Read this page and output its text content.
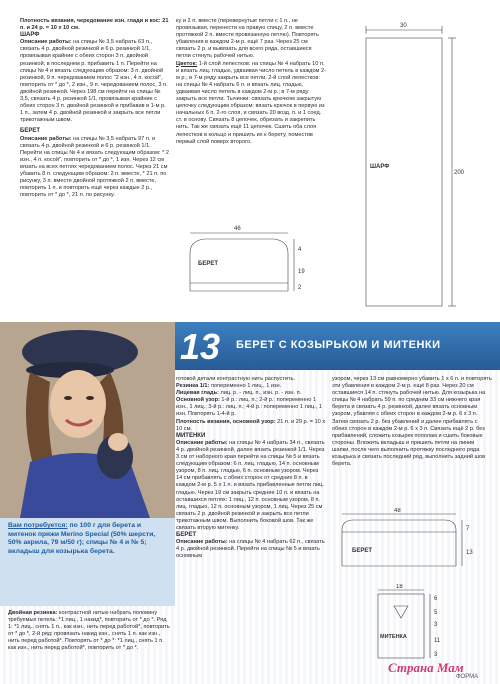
Плотность вязания, чередование изн. глади и кос: 21 п. и 24 р. = 10 х 10 см.

ШАРФ

Описание работы: на спицы № 3,5 набрать 63 п., связать 4 р. двойной резинкой и 6 р. резинкой 1/1, провязывая крайние с обеих сторон 3 п. двойной резинкой; в последнем р. прибавить 1 п. Перейти на спицы № 4 и вязать следующим образом: 3 п. двойной резинкой, 9 п. чередованием полос "2 изн., 4 п. косой", повторить от * до *, 2 изн., 9 п. чередованием полос, 3 п. двойной резинкой. Через 198 см перейти на спицы № 3,5, связать 4 р. резинкой 1/1, провязывая крайние с обеих сторон 3 п. двойной резинкой и прибавив в 1-м р. 1 п., затем 4 р. двойной резинкой и закрыть все петли трикотажным швом.

БЕРЕТ

Описание работы: на спицы № 3,5 набрать 97 п. и связать 4 р. двойной резинкой и 6 р. резинкой 1/1. Перейти на спицы № 4 и вязать следующим образом: * 2 изн., 4 п. косой", повторить от * до *, 1 изн. Через 12 см вязать на всех петлях чередованием полос. Через 21 см убавить 8 п. следующим образом: 2 п. вместе, * 21 п. по рисунку, 3 п. вместе двойной протяжкой 2 п. вместе, повторить 1 п. и повторить ещё через каждые 2 р., повторить от * до *, 21 п. по рисунку.

ку и 2 п. вместе (перевернутые петли с 1 п., не провязывая, перенести на правую спицу, 2 п. вместе протяжкой 2 п. вместе провязанную петлю). Повторять убавления в каждом 2-м р. ещё 7 раз. Через 25 см связать 2 р. и вывязать для всего ряда, оставшиеся петли стянуть рабочей нитью.

Цветок: 1-й слой лепестков: на спицы № 4 набрать 10 п. и вязать лиц. гладью, удваивая число петель в каждом 2-м р.; в 7-м ряду закрыть все петли. 2-й слой лепестков: на спицы № 4 набрать 6 п. и вязать лиц. гладью, удваивая число петель в каждом 2-м р.; в 7-м ряду закрыть все петли. Тычинки: связать крючком закрытую цепочку следующим образом: вязать крючок в первую из начальных 6 п. 2-го слоя, и связать 20 возд. п. и 1 соед. ст. в основу. Связать 8 цепочек, обрезать и закрепить нить. Так же связать ещё 11 цепочек. Сшить оба слоя лепестков в кольцо и пришить их к берету, поместив первый слой поверх второго.

30
200
ШАРФ
46
БЕРЕТ
4
19
2
13 БЕРЕТ С КОЗЫРЬКОМ И МИТЕНКИ
Вам потребуется: по 100 г для берета и митенок пряжи Merino Special (50% шерсти, 50% акрила, 79 м/50 г); спицы № 4 и № 5; вкладыш для козырька берета.

Двойная резинка: контрастной нитью набрать половину требуемых петель: *1 лиц., 1 накид*, повторить от * до *. Ряд 1: *1 лиц., снять 1 п., как изн., нить перед работой*, повторить от * до *, 2-й ряд: провязать накид изн., снять 1 п. как изн., нить перед работой*. Повторять от * до *: *1 лиц., снять 1 п. как изн., нить перед работой*, повторить от * до *.

готовой детали контрастную нить распустить.

Резинка 1/1: попеременно 1 лиц., 1 изн.

Лицевая гладь: лиц. р. - лиц. п., изн. р. - изн. п.

Основной узор: 1-й р.: лиц. п.; 2-й р.: попеременно 1 изн., 1 лиц.; 3-й р.: лиц. п.; 4-й р.: попеременно 1 лиц., 1 изн. Повторять 1-4-й р.

Плотность вязания, основной узор: 21 п. и 29 р. = 10 х 10 см.

МИТЕНКИ

Описание работы: на спицы № 4 набрать 34 п., связать 4 р. двойной резинкой, далее вязать резинкой 1/1. Через 3 см от наборного края перейти на спицы № 5 и вязать следующим образом: 6 п. лиц. гладью, 14 п. основным узором, 8 п. лиц. гладью, 6 п. основным узором. Через 14 см прибавлять с обеих сторон от средних 8 п. в каждом 2-м р. 5 х 1 п. и вязать прибавленные петли лиц. гладью. Через 19 см закрыть средние 10 п. и вязать на оставшихся петлях: 1 лиц., 12 п. основным узором, 8 п. лиц. гладью, 12 п. основным узором, 1 лиц. Через 25 см связать 2 р. двойной резинкой и закрыть все петли трикотажным швом. Выполнить боковой шов. Так же связать вторую митенку.

БЕРЕТ

Описание работы: на спицы № 4 набрать 62 п., связать 4 р. двойной резинкой. Перейти на спицы № 5 и вязать основным

узором, через 13 см равномерно убавить 1 х 6 п. и повторять эти убавления в каждом 2-м р. ещё 8 раз. Через 20 см оставшиеся 14 п. стянуть рабочей нитью. Для козырька на спицы № 4 набрать 59 п. по средним 33 см нижнего края берета и связать 4 р. резинкой, далее вязать основным узором, убавляя с обеих сторон в каждом 2-м р. 6 х 3 п. Затем связать 2 р. без убавлений и далее прибавлять с обеих сторон в каждом 2-м р. 6 х 3 п. Связать ещё 2 р. без прибавлений, сложить козырек пополам и сшить боковые стороны. Вложить вкладыш и пришить петли на линии шапки, после чего выполнить протяжку последнего ряда козырька и связать последний ряд, выполнить задний шов берета.

48
БЕРЕТ
7
13
18
МИТЕНКА
6
5
3
11
3
Страна Мам
ФОРМА
